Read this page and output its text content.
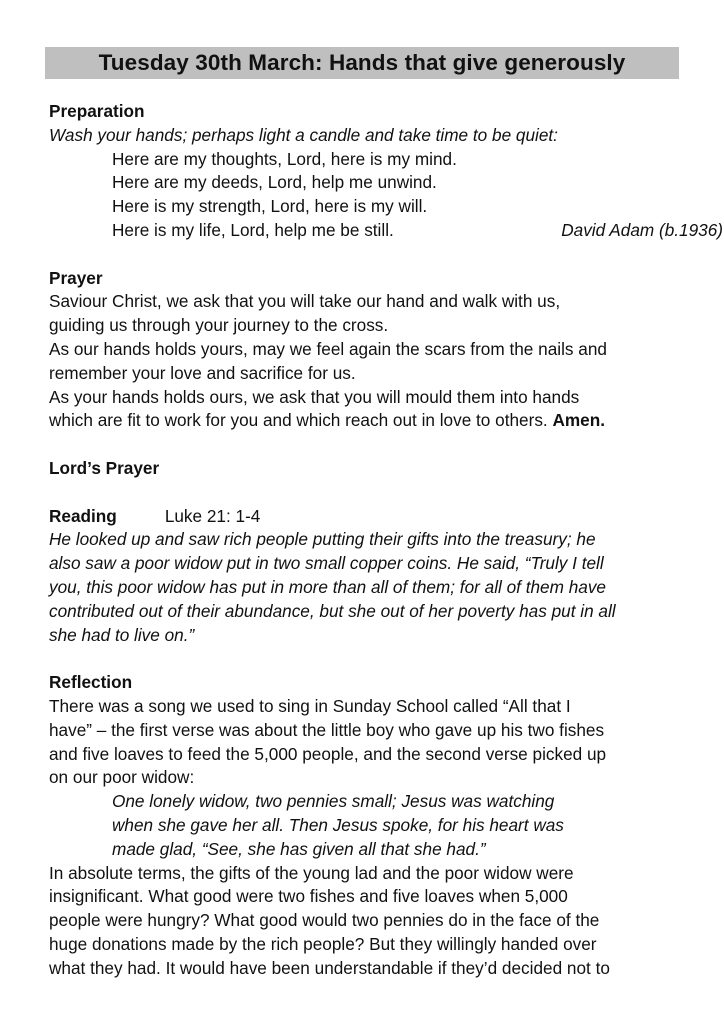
Tuesday 30th March: Hands that give generously
Preparation
Wash your hands; perhaps light a candle and take time to be quiet:
Here are my thoughts, Lord, here is my mind.
Here are my deeds, Lord, help me unwind.
Here is my strength, Lord, here is my will.
Here is my life, Lord, help me be still.	David Adam (b.1936)
Prayer
Saviour Christ, we ask that you will take our hand and walk with us,
guiding us through your journey to the cross.
As our hands holds yours, may we feel again the scars from the nails and
remember your love and sacrifice for us.
As your hands holds ours, we ask that you will mould them into hands
which are fit to work for you and which reach out in love to others. Amen.
Lord’s Prayer
Reading	Luke 21: 1-4
He looked up and saw rich people putting their gifts into the treasury; he
also saw a poor widow put in two small copper coins. He said, “Truly I tell
you, this poor widow has put in more than all of them; for all of them have
contributed out of their abundance, but she out of her poverty has put in all
she had to live on.”
Reflection
There was a song we used to sing in Sunday School called “All that I
have” – the first verse was about the little boy who gave up his two fishes
and five loaves to feed the 5,000 people, and the second verse picked up
on our poor widow:
One lonely widow, two pennies small; Jesus was watching
when she gave her all. Then Jesus spoke, for his heart was
made glad, “See, she has given all that she had.”
In absolute terms, the gifts of the young lad and the poor widow were
insignificant. What good were two fishes and five loaves when 5,000
people were hungry? What good would two pennies do in the face of the
huge donations made by the rich people? But they willingly handed over
what they had. It would have been understandable if they’d decided not to
